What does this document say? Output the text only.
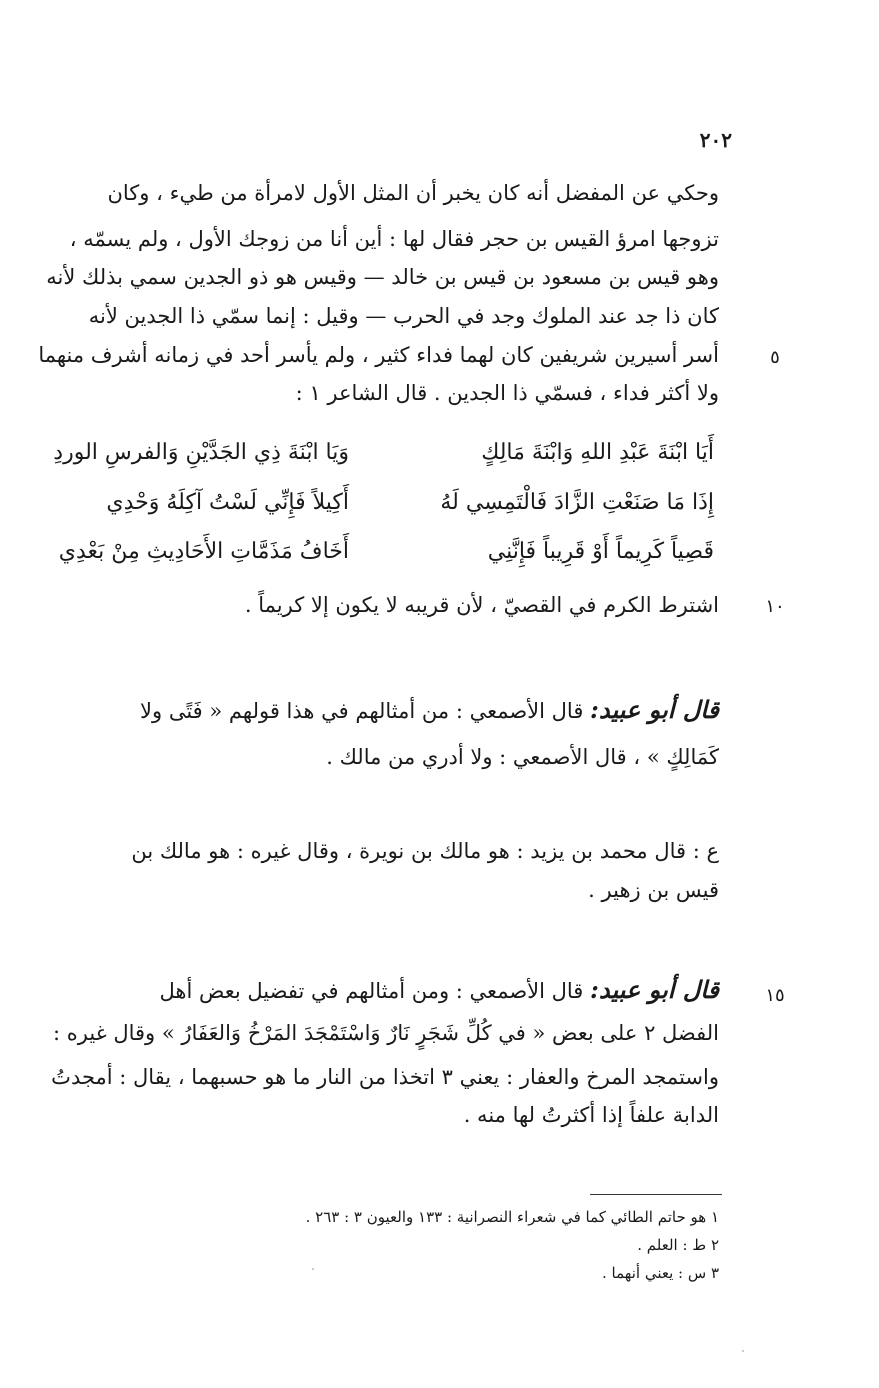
٢٠٢
وحكي عن المفضل أنه كان يخبر أن المثل الأول لامرأة من طيء ، وكان
تزوجها امرؤ القيس بن حجر فقال لها : أين أنا من زوجك الأول ، ولم يسمّه ،
وهو قيس بن مسعود بن قيس بن خالد — وقيس هو ذو الجدين سمي بذلك لأنه
كان ذا جد عند الملوك وجد في الحرب — وقيل : إنما سمّي ذا الجدين لأنه
أسر أسيرين شريفين كان لهما فداء كثير ، ولم يأسر أحد في زمانه أشرف منهما	٥
ولا أكثر فداء ، فسمّي ذا الجدين . قال الشاعر ١ :
أَيَا ابْنَةَ عَبْدِ اللهِ وَابْنَةَ مَالِكٍ
وَيَا ابْنَةَ ذِي الجَدَّيْنِ وَالفرسِ الوردِ
إِذَا مَا صَنَعْتِ الزَّادَ فَالْتَمِسِي لَهُ
أَكِيلاً فَإِنِّي لَسْتُ آكِلَهُ وَحْدِي
قَصِياً كَرِيماً أَوْ قَرِيباً فَإِنَّنِي
أَخَافُ مَذَمَّاتِ الأَحَادِيثِ مِنْ بَعْدِي
اشترط الكرم في القصيّ ، لأن قريبه لا يكون إلا كريماً .	١٠
قال أبو عبيد: قال الأصمعي : من أمثالهم في هذا قولهم « فَتًى ولا
كَمَالِكٍ » ، قال الأصمعي : ولا أدري من مالك .
ع : قال محمد بن يزيد : هو مالك بن نويرة ، وقال غيره : هو مالك بن
قيس بن زهير .
قال أبو عبيد: قال الأصمعي : ومن أمثالهم في تفضيل بعض أهل	١٥
الفضل ٢ على بعض « في كُلِّ شَجَرٍ نَارٌ وَاسْتَمْجَدَ المَرْخُ وَالعَفَارُ » وقال غيره :
واستمجد المرخ والعفار : يعني ٣ اتخذا من النار ما هو حسبهما ، يقال : أمجدتُ
الدابة علفاً إذا أكثرتُ لها منه .
١ هو حاتم الطائي كما في شعراء النصرانية : ١٣٣ والعيون ٣ : ٢٦٣ .
٢ ط : العلم .
٣ س : يعني أنهما .
